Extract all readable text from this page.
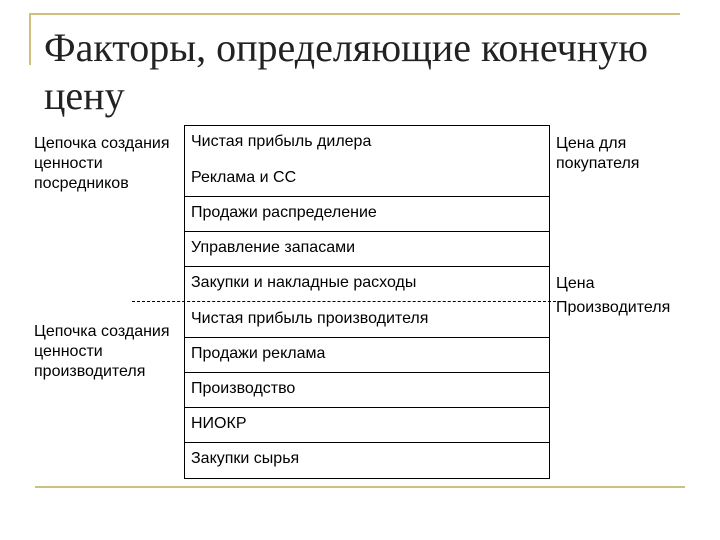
Факторы, определяющие конечную цену
Цепочка создания
ценности
посредников
Цепочка создания
ценности
производителя
Цена для
покупателя
Цена
Производителя
Чистая прибыль дилера
Реклама и СС
Продажи распределение
Управление запасами
Закупки и накладные расходы
Чистая прибыль производителя
Продажи реклама
Производство
НИОКР
Закупки сырья
